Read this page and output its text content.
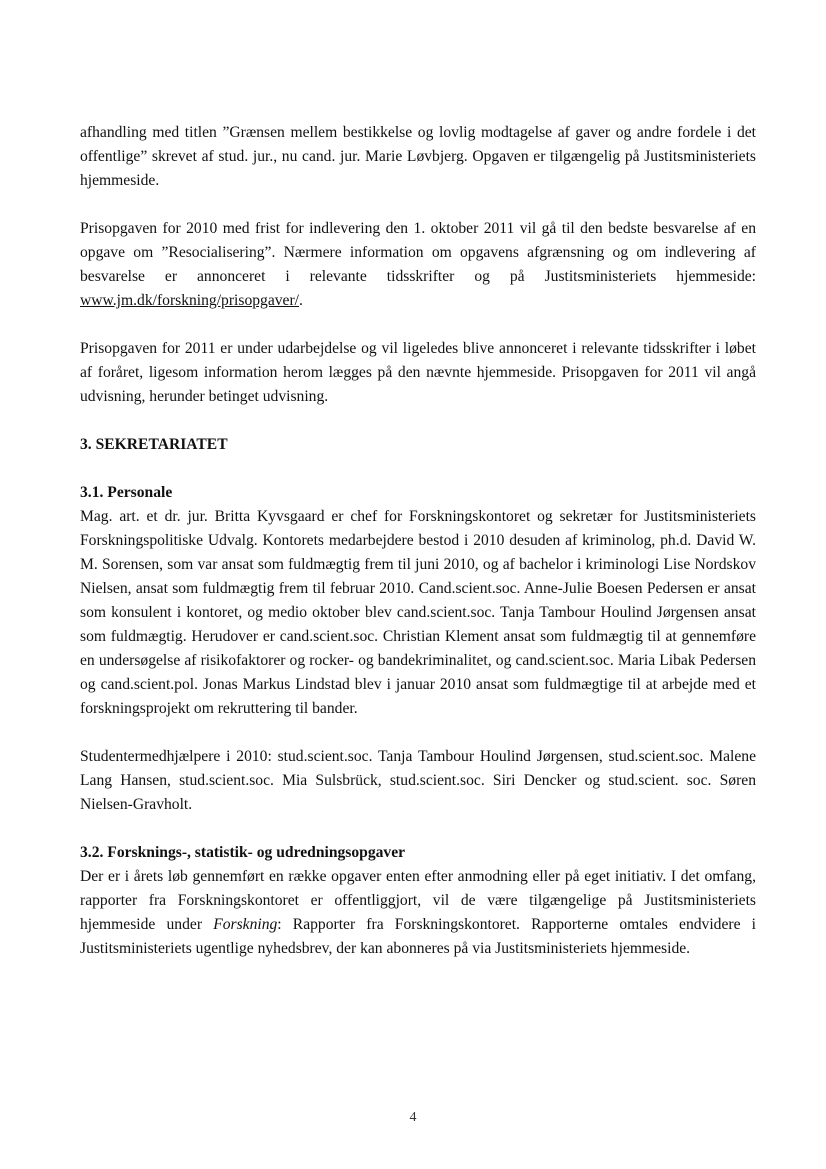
afhandling med titlen ”Grænsen mellem bestikkelse og lovlig modtagelse af gaver og andre fordele i det offentlige” skrevet af stud. jur., nu cand. jur. Marie Løvbjerg. Opgaven er tilgængelig på Justitsministeriets hjemmeside.

Prisopgaven for 2010 med frist for indlevering den 1. oktober 2011 vil gå til den bedste besvarelse af en opgave om ”Resocialisering”. Nærmere information om opgavens afgrænsning og om indlevering af besvarelse er annonceret i relevante tidsskrifter og på Justitsministeriets hjemmeside: www.jm.dk/forskning/prisopgaver/.

Prisopgaven for 2011 er under udarbejdelse og vil ligeledes blive annonceret i relevante tidsskrifter i løbet af foråret, ligesom information herom lægges på den nævnte hjemmeside. Prisopgaven for 2011 vil angå udvisning, herunder betinget udvisning.

3. SEKRETARIATET
3.1. Personale

Mag. art. et dr. jur. Britta Kyvsgaard er chef for Forskningskontoret og sekretær for Justitsministeriets Forskningspolitiske Udvalg. Kontorets medarbejdere bestod i 2010 desuden af kriminolog, ph.d. David W. M. Sorensen, som var ansat som fuldmægtig frem til juni 2010, og af bachelor i kriminologi Lise Nordskov Nielsen, ansat som fuldmægtig frem til februar 2010. Cand.scient.soc. Anne-Julie Boesen Pedersen er ansat som konsulent i kontoret, og medio oktober blev cand.scient.soc. Tanja Tambour Houlind Jørgensen ansat som fuldmægtig. Herudover er cand.scient.soc. Christian Klement ansat som fuldmægtig til at gennemføre en undersøgelse af risikofaktorer og rocker- og bandekriminalitet, og cand.scient.soc. Maria Libak Pedersen og cand.scient.pol. Jonas Markus Lindstad blev i januar 2010 ansat som fuldmægtige til at arbejde med et forskningsprojekt om rekruttering til bander.

Studentermedhjælpere i 2010: stud.scient.soc. Tanja Tambour Houlind Jørgensen, stud.scient.soc. Malene Lang Hansen, stud.scient.soc. Mia Sulsbrück, stud.scient.soc. Siri Dencker og stud.scient. soc. Søren Nielsen-Gravholt.

3.2. Forsknings-, statistik- og udredningsopgaver

Der er i årets løb gennemført en række opgaver enten efter anmodning eller på eget initiativ. I det omfang, rapporter fra Forskningskontoret er offentliggjort, vil de være tilgængelige på Justitsministeriets hjemmeside under Forskning: Rapporter fra Forskningskontoret. Rapporterne omtales endvidere i Justitsministeriets ugentlige nyhedsbrev, der kan abonneres på via Justitsministeriets hjemmeside.

4
